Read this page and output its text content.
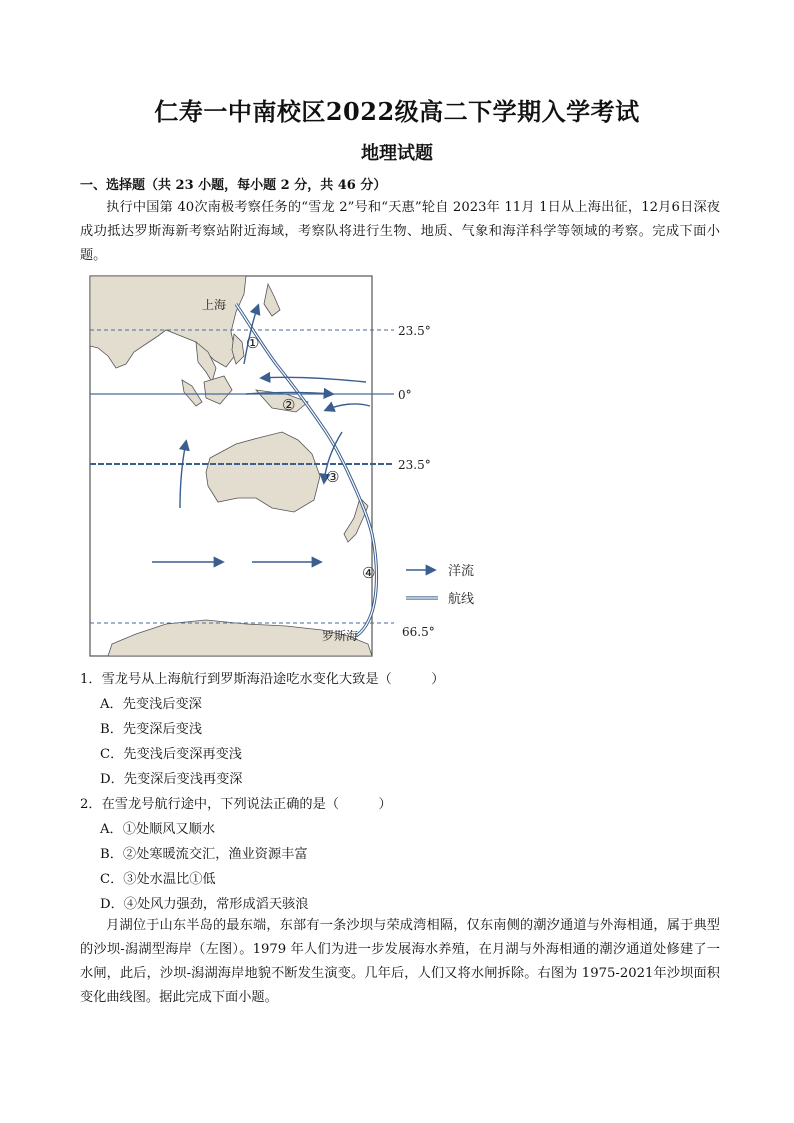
仁寿一中南校区2022级高二下学期入学考试
地理试题
一、选择题（共 23 小题，每小题 2 分，共 46 分）
执行中国第 40次南极考察任务的“雪龙 2”号和“天惠”轮自 2023年 11月 1日从上海出征，12月6日深夜成功抵达罗斯海新考察站附近海域，考察队将进行生物、地质、气象和海洋科学等领域的考察。完成下面小题。
23.5°
0°
23.5°
66.5°
上海
罗斯海
①
②
③
④	洋流
航线
1．雪龙号从上海航行到罗斯海沿途吃水变化大致是（　　　）
A．先变浅后变深
B．先变深后变浅
C．先变浅后变深再变浅
D．先变深后变浅再变深
2．在雪龙号航行途中，下列说法正确的是（　　　）
A．①处顺风又顺水
B．②处寒暖流交汇，渔业资源丰富
C．③处水温比①低
D．④处风力强劲，常形成滔天骇浪
月湖位于山东半岛的最东端，东部有一条沙坝与荣成湾相隔，仅东南侧的潮汐通道与外海相通，属于典型的沙坝-潟湖型海岸（左图）。1979 年人们为进一步发展海水养殖，在月湖与外海相通的潮汐通道处修建了一水闸，此后，沙坝-潟湖海岸地貌不断发生演变。几年后，人们又将水闸拆除。右图为 1975-2021年沙坝面积变化曲线图。据此完成下面小题。
